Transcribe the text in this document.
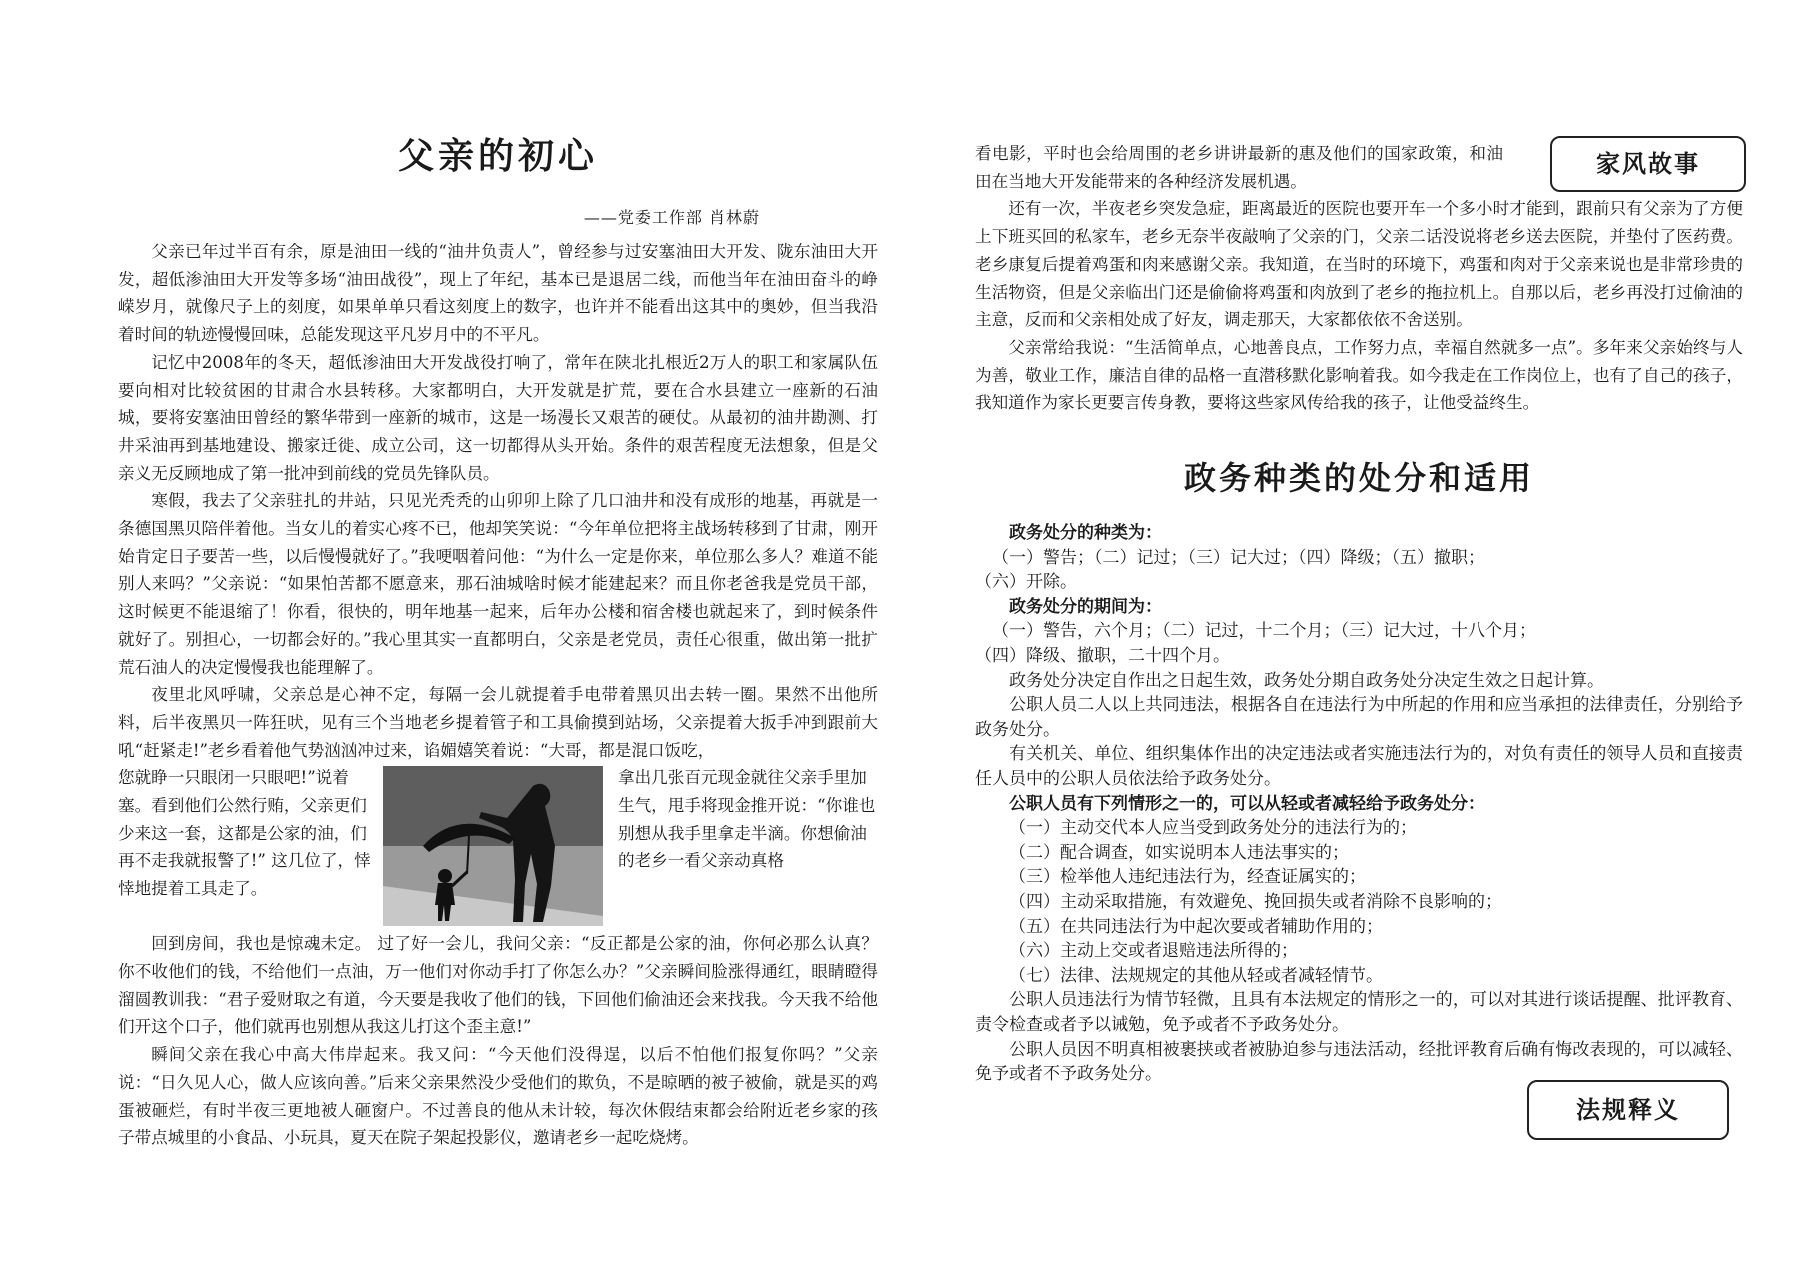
父亲的初心
——党委工作部 肖林蔚

父亲已年过半百有余，原是油田一线的“油井负责人”，曾经参与过安塞油田大开发、陇东油田大开发，超低渗油田大开发等多场“油田战役”，现上了年纪，基本已是退居二线，而他当年在油田奋斗的峥嵘岁月，就像尺子上的刻度，如果单单只看这刻度上的数字，也许并不能看出这其中的奥妙，但当我沿着时间的轨迹慢慢回味，总能发现这平凡岁月中的不平凡。

记忆中2008年的冬天，超低渗油田大开发战役打响了，常年在陕北扎根近2万人的职工和家属队伍要向相对比较贫困的甘肃合水县转移。大家都明白，大开发就是扩荒，要在合水县建立一座新的石油城，要将安塞油田曾经的繁华带到一座新的城市，这是一场漫长又艰苦的硬仗。从最初的油井勘测、打井采油再到基地建设、搬家迁徙、成立公司，这一切都得从头开始。条件的艰苦程度无法想象，但是父亲义无反顾地成了第一批冲到前线的党员先锋队员。

寒假，我去了父亲驻扎的井站，只见光秃秃的山卯卯上除了几口油井和没有成形的地基，再就是一条德国黑贝陪伴着他。当女儿的着实心疼不已，他却笑笑说：“今年单位把将主战场转移到了甘肃，刚开始肯定日子要苦一些，以后慢慢就好了。”我哽咽着问他：“为什么一定是你来，单位那么多人？难道不能别人来吗？”父亲说：“如果怕苦都不愿意来，那石油城啥时候才能建起来？而且你老爸我是党员干部，这时候更不能退缩了！你看，很快的，明年地基一起来，后年办公楼和宿舍楼也就起来了，到时候条件就好了。别担心，一切都会好的。”我心里其实一直都明白，父亲是老党员，责任心很重，做出第一批扩荒石油人的决定慢慢我也能理解了。

夜里北风呼啸，父亲总是心神不定，每隔一会儿就提着手电带着黑贝出去转一圈。果然不出他所料，后半夜黑贝一阵狂吠，见有三个当地老乡提着管子和工具偷摸到站场，父亲提着大扳手冲到跟前大吼“赶紧走!”老乡看着他气势汹汹冲过来，谄媚嬉笑着说：“大哥，都是混口饭吃，

您就睁一只眼闭一只眼吧!”说着塞。看到他们公然行贿，父亲更们少来这一套，这都是公家的油，们再不走我就报警了!” 这几位了，悻悻地提着工具走了。
拿出几张百元现金就往父亲手里加生气，甩手将现金推开说：“你谁也别想从我手里拿走半滴。你想偷油的老乡一看父亲动真格

回到房间，我也是惊魂未定。 过了好一会儿，我问父亲：“反正都是公家的油，你何必那么认真？你不收他们的钱，不给他们一点油，万一他们对你动手打了你怎么办？”父亲瞬间脸涨得通红，眼睛瞪得溜圆教训我：“君子爱财取之有道，今天要是我收了他们的钱，下回他们偷油还会来找我。今天我不给他们开这个口子，他们就再也别想从我这儿打这个歪主意!”

瞬间父亲在我心中高大伟岸起来。我又问：“今天他们没得逞，以后不怕他们报复你吗？”父亲说：“日久见人心，做人应该向善。”后来父亲果然没少受他们的欺负，不是晾晒的被子被偷，就是买的鸡蛋被砸烂，有时半夜三更地被人砸窗户。不过善良的他从未计较，每次休假结束都会给附近老乡家的孩子带点城里的小食品、小玩具，夏天在院子架起投影仪，邀请老乡一起吃烧烤。

家风故事

看电影，平时也会给周围的老乡讲讲最新的惠及他们的国家政策，和油田在当地大开发能带来的各种经济发展机遇。

还有一次，半夜老乡突发急症，距离最近的医院也要开车一个多小时才能到，跟前只有父亲为了方便上下班买回的私家车，老乡无奈半夜敲响了父亲的门，父亲二话没说将老乡送去医院，并垫付了医药费。老乡康复后提着鸡蛋和肉来感谢父亲。我知道，在当时的环境下，鸡蛋和肉对于父亲来说也是非常珍贵的生活物资，但是父亲临出门还是偷偷将鸡蛋和肉放到了老乡的拖拉机上。自那以后，老乡再没打过偷油的主意，反而和父亲相处成了好友，调走那天，大家都依依不舍送别。

父亲常给我说：“生活简单点，心地善良点，工作努力点，幸福自然就多一点”。多年来父亲始终与人为善，敬业工作，廉洁自律的品格一直潜移默化影响着我。如今我走在工作岗位上，也有了自己的孩子，我知道作为家长更要言传身教，要将这些家风传给我的孩子，让他受益终生。

政务种类的处分和适用

政务处分的种类为：

（一）警告；（二）记过；（三）记大过；（四）降级；（五）撤职；

（六）开除。

政务处分的期间为：

（一）警告，六个月；（二）记过，十二个月；（三）记大过，十八个月；

（四）降级、撤职，二十四个月。

政务处分决定自作出之日起生效，政务处分期自政务处分决定生效之日起计算。

公职人员二人以上共同违法，根据各自在违法行为中所起的作用和应当承担的法律责任，分别给予政务处分。

有关机关、单位、组织集体作出的决定违法或者实施违法行为的，对负有责任的领导人员和直接责任人员中的公职人员依法给予政务处分。

公职人员有下列情形之一的，可以从轻或者减轻给予政务处分：

（一）主动交代本人应当受到政务处分的违法行为的；

（二）配合调查，如实说明本人违法事实的；

（三）检举他人违纪违法行为，经查证属实的；

（四）主动采取措施，有效避免、挽回损失或者消除不良影响的；

（五）在共同违法行为中起次要或者辅助作用的；

（六）主动上交或者退赔违法所得的；

（七）法律、法规规定的其他从轻或者减轻情节。

公职人员违法行为情节轻微，且具有本法规定的情形之一的，可以对其进行谈话提醒、批评教育、责令检查或者予以诫勉，免予或者不予政务处分。

公职人员因不明真相被裹挟或者被胁迫参与违法活动，经批评教育后确有悔改表现的，可以减轻、免予或者不予政务处分。

法规释义
